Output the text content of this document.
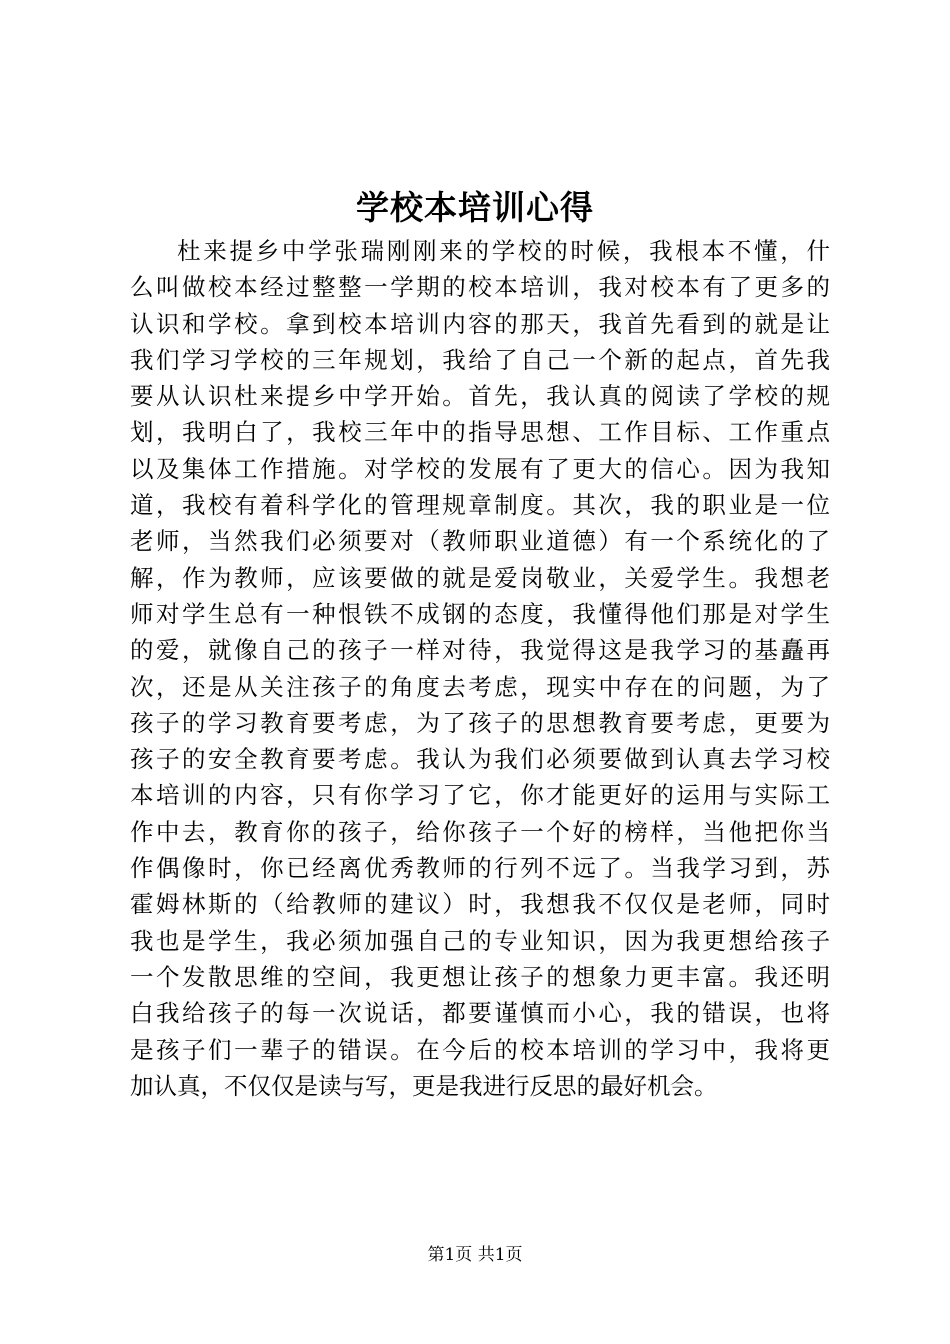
学校本培训心得
杜来提乡中学张瑞刚刚来的学校的时候，我根本不懂，什
么叫做校本经过整整一学期的校本培训，我对校本有了更多的
认识和学校。拿到校本培训内容的那天，我首先看到的就是让
我们学习学校的三年规划，我给了自己一个新的起点，首先我
要从认识杜来提乡中学开始。首先，我认真的阅读了学校的规
划，我明白了，我校三年中的指导思想、工作目标、工作重点
以及集体工作措施。对学校的发展有了更大的信心。因为我知
道，我校有着科学化的管理规章制度。其次，我的职业是一位
老师，当然我们必须要对（教师职业道德）有一个系统化的了
解，作为教师，应该要做的就是爱岗敬业，关爱学生。我想老
师对学生总有一种恨铁不成钢的态度，我懂得他们那是对学生
的爱，就像自己的孩子一样对待，我觉得这是我学习的基矗再
次，还是从关注孩子的角度去考虑，现实中存在的问题，为了
孩子的学习教育要考虑，为了孩子的思想教育要考虑，更要为
孩子的安全教育要考虑。我认为我们必须要做到认真去学习校
本培训的内容，只有你学习了它，你才能更好的运用与实际工
作中去，教育你的孩子，给你孩子一个好的榜样，当他把你当
作偶像时，你已经离优秀教师的行列不远了。当我学习到，苏
霍姆林斯的（给教师的建议）时，我想我不仅仅是老师，同时
我也是学生，我必须加强自己的专业知识，因为我更想给孩子
一个发散思维的空间，我更想让孩子的想象力更丰富。我还明
白我给孩子的每一次说话，都要谨慎而小心，我的错误，也将
是孩子们一辈子的错误。在今后的校本培训的学习中，我将更
加认真，不仅仅是读与写，更是我进行反思的最好机会。
第1页 共1页
